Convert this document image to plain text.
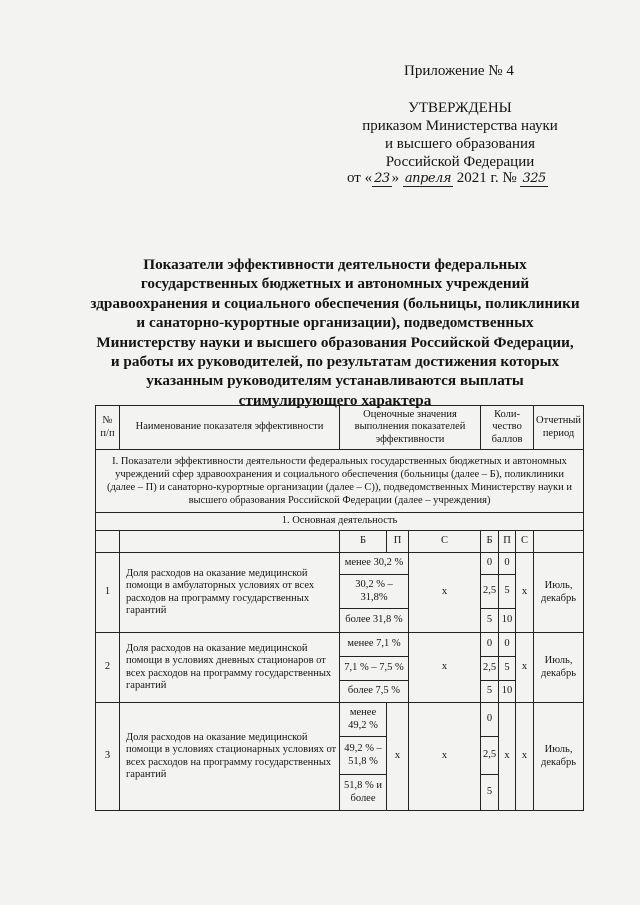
Приложение № 4
УТВЕРЖДЕНЫ
приказом Министерства науки
и высшего образования
Российской Федерации
от « 23 » апреля 2021 г. № 325
Показатели эффективности деятельности федеральных
государственных бюджетных и автономных учреждений
здравоохранения и социального обеспечения (больницы, поликлиники
и санаторно-курортные организации), подведомственных
Министерству науки и высшего образования Российской Федерации,
и работы их руководителей, по результатам достижения которых
указанным руководителям устанавливаются выплаты
стимулирующего характера
№ п/п	Наименование показателя эффективности	Оценочные значения выполнения показателей эффективности			Коли-чество баллов			Отчетный период
I. Показатели эффективности деятельности федеральных государственных бюджетных и автономных учреждений сфер здравоохранения и социального обеспечения (больницы (далее – Б), поликлиники (далее – П) и санаторно-курортные организации (далее – С)), подведомственных Министерству науки и высшего образования Российской Федерации (далее – учреждения)								
1. Основная деятельность								
		Б	П	С	Б	П	С	
1	Доля расходов на оказание медицинской помощи в амбулаторных условиях от всех расходов на программу государственных гарантий	менее 30,2 %		x	0	0	x	Июль, декабрь
		30,2 % – 31,8%			2,5	5		
		более 31,8 %			5	10		
2	Доля расходов на оказание медицинской помощи в условиях дневных стационаров от всех расходов на программу государственных гарантий	менее 7,1 %		x	0	0	x	Июль, декабрь
		7,1 % – 7,5 %			2,5	5		
		более 7,5 %			5	10		
3	Доля расходов на оказание медицинской помощи в условиях стационарных условиях от всех расходов на программу государственных гарантий	менее 49,2 %	x	x	0	x	x	Июль, декабрь
		49,2 % – 51,8 %			2,5			
		51,8 % и более			5			
